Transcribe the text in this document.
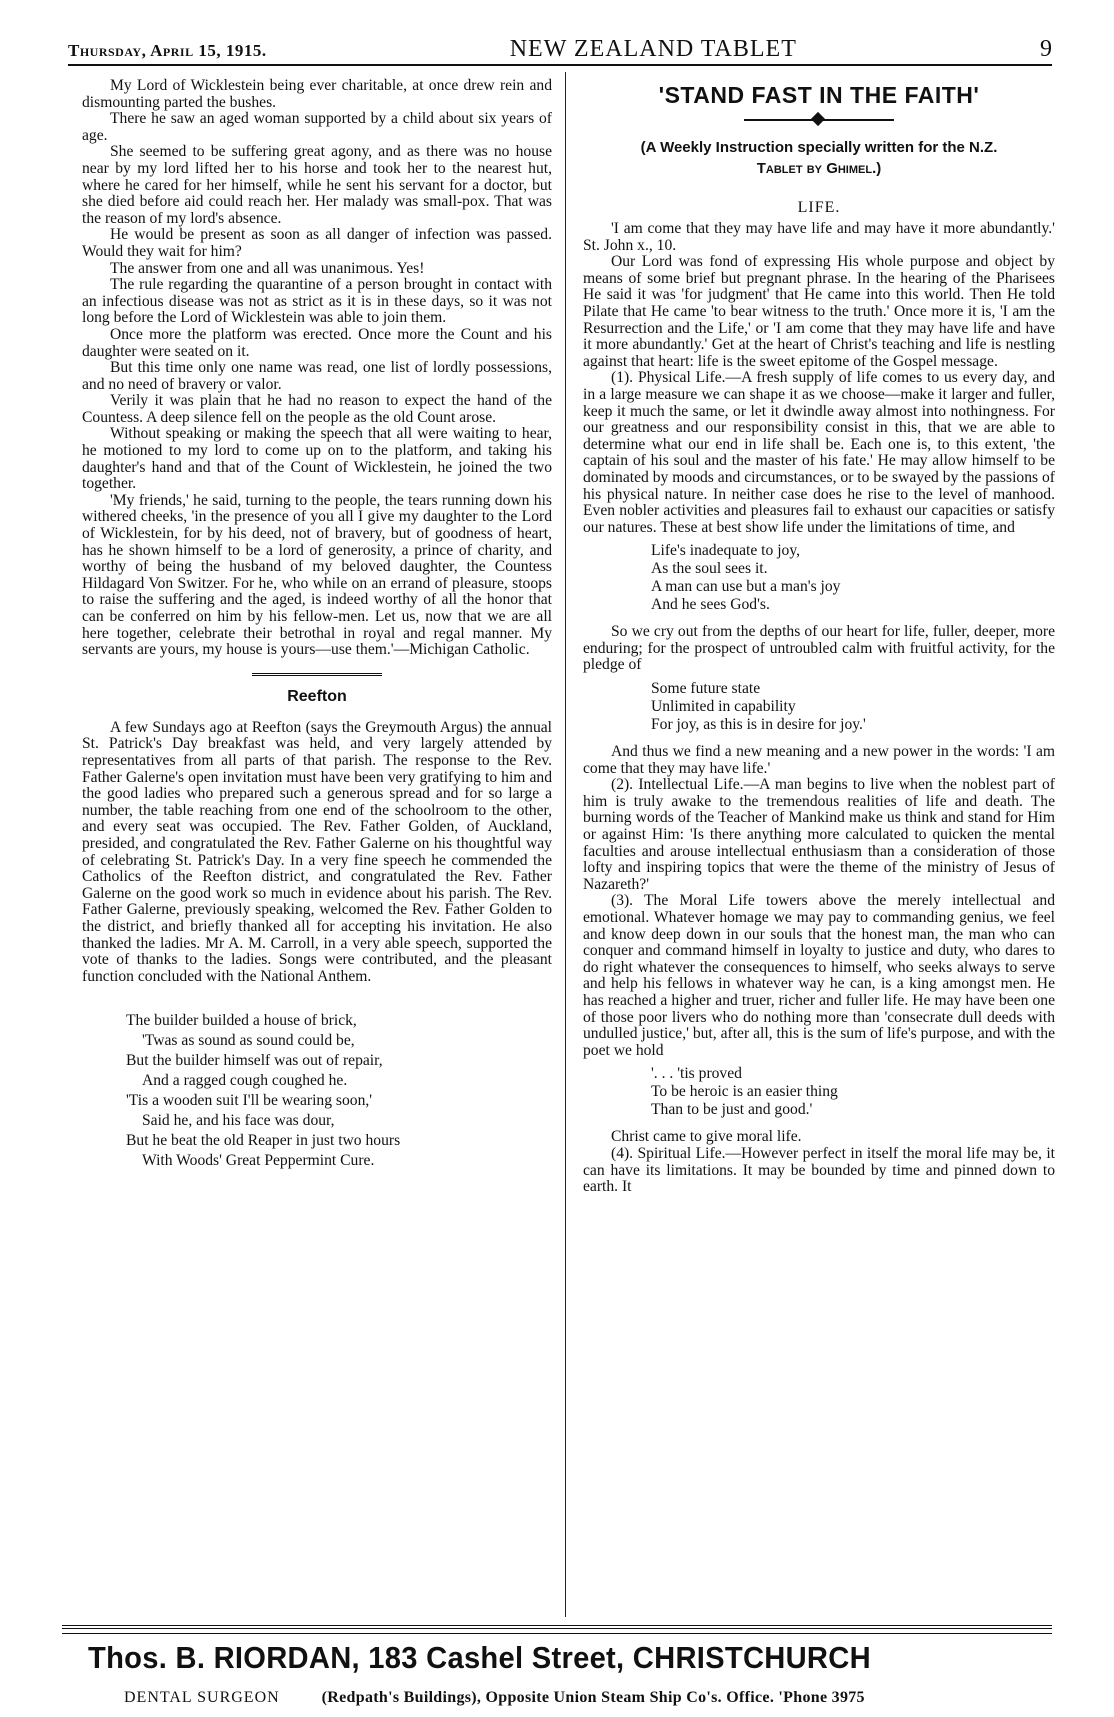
Thursday, April 15, 1915.	NEW ZEALAND TABLET	9

My Lord of Wicklestein being ever charitable, at once drew rein and dismounting parted the bushes.

There he saw an aged woman supported by a child about six years of age.

She seemed to be suffering great agony, and as there was no house near by my lord lifted her to his horse and took her to the nearest hut, where he cared for her himself, while he sent his servant for a doctor, but she died before aid could reach her. Her malady was small-pox. That was the reason of my lord's absence.

He would be present as soon as all danger of infection was passed. Would they wait for him?

The answer from one and all was unanimous. Yes!

The rule regarding the quarantine of a person brought in contact with an infectious disease was not as strict as it is in these days, so it was not long before the Lord of Wicklestein was able to join them.

Once more the platform was erected. Once more the Count and his daughter were seated on it.

But this time only one name was read, one list of lordly possessions, and no need of bravery or valor.

Verily it was plain that he had no reason to expect the hand of the Countess. A deep silence fell on the people as the old Count arose.

Without speaking or making the speech that all were waiting to hear, he motioned to my lord to come up on to the platform, and taking his daughter's hand and that of the Count of Wicklestein, he joined the two together.

'My friends,' he said, turning to the people, the tears running down his withered cheeks, 'in the presence of you all I give my daughter to the Lord of Wicklestein, for by his deed, not of bravery, but of goodness of heart, has he shown himself to be a lord of generosity, a prince of charity, and worthy of being the husband of my beloved daughter, the Countess Hildagard Von Switzer. For he, who while on an errand of pleasure, stoops to raise the suffering and the aged, is indeed worthy of all the honor that can be conferred on him by his fellow-men. Let us, now that we are all here together, celebrate their betrothal in royal and regal manner. My servants are yours, my house is yours—use them.'—Michigan Catholic.

Reefton

A few Sundays ago at Reefton (says the Greymouth Argus) the annual St. Patrick's Day breakfast was held, and very largely attended by representatives from all parts of that parish. The response to the Rev. Father Galerne's open invitation must have been very gratifying to him and the good ladies who prepared such a generous spread and for so large a number, the table reaching from one end of the schoolroom to the other, and every seat was occupied. The Rev. Father Golden, of Auckland, presided, and congratulated the Rev. Father Galerne on his thoughtful way of celebrating St. Patrick's Day. In a very fine speech he commended the Catholics of the Reefton district, and congratulated the Rev. Father Galerne on the good work so much in evidence about his parish. The Rev. Father Galerne, previously speaking, welcomed the Rev. Father Golden to the district, and briefly thanked all for accepting his invitation. He also thanked the ladies. Mr A. M. Carroll, in a very able speech, supported the vote of thanks to the ladies. Songs were contributed, and the pleasant function concluded with the National Anthem.

The builder builded a house of brick,
'Twas as sound as sound could be,
But the builder himself was out of repair,
And a ragged cough coughed he.
'Tis a wooden suit I'll be wearing soon,'
Said he, and his face was dour,
But he beat the old Reaper in just two hours
With Woods' Great Peppermint Cure.
'STAND FAST IN THE FAITH'
(A Weekly Instruction specially written for the N.Z.
Tablet by Ghimel.)
LIFE.

'I am come that they may have life and may have it more abundantly.' St. John x., 10.

Our Lord was fond of expressing His whole purpose and object by means of some brief but pregnant phrase. In the hearing of the Pharisees He said it was 'for judgment' that He came into this world. Then He told Pilate that He came 'to bear witness to the truth.' Once more it is, 'I am the Resurrection and the Life,' or 'I am come that they may have life and have it more abundantly.' Get at the heart of Christ's teaching and life is nestling against that heart: life is the sweet epitome of the Gospel message.

(1). Physical Life.—A fresh supply of life comes to us every day, and in a large measure we can shape it as we choose—make it larger and fuller, keep it much the same, or let it dwindle away almost into nothingness. For our greatness and our responsibility consist in this, that we are able to determine what our end in life shall be. Each one is, to this extent, 'the captain of his soul and the master of his fate.' He may allow himself to be dominated by moods and circumstances, or to be swayed by the passions of his physical nature. In neither case does he rise to the level of manhood. Even nobler activities and pleasures fail to exhaust our capacities or satisfy our natures. These at best show life under the limitations of time, and

Life's inadequate to joy,
As the soul sees it.
A man can use but a man's joy
And he sees God's.

So we cry out from the depths of our heart for life, fuller, deeper, more enduring; for the prospect of untroubled calm with fruitful activity, for the pledge of

Some future state
Unlimited in capability
For joy, as this is in desire for joy.'

And thus we find a new meaning and a new power in the words: 'I am come that they may have life.'

(2). Intellectual Life.—A man begins to live when the noblest part of him is truly awake to the tremendous realities of life and death. The burning words of the Teacher of Mankind make us think and stand for Him or against Him: 'Is there anything more calculated to quicken the mental faculties and arouse intellectual enthusiasm than a consideration of those lofty and inspiring topics that were the theme of the ministry of Jesus of Nazareth?'

(3). The Moral Life towers above the merely intellectual and emotional. Whatever homage we may pay to commanding genius, we feel and know deep down in our souls that the honest man, the man who can conquer and command himself in loyalty to justice and duty, who dares to do right whatever the consequences to himself, who seeks always to serve and help his fellows in whatever way he can, is a king amongst men. He has reached a higher and truer, richer and fuller life. He may have been one of those poor livers who do nothing more than 'consecrate dull deeds with undulled justice,' but, after all, this is the sum of life's purpose, and with the poet we hold

'. . . 'tis proved
To be heroic is an easier thing
Than to be just and good.'

Christ came to give moral life.

(4). Spiritual Life.—However perfect in itself the moral life may be, it can have its limitations. It may be bounded by time and pinned down to earth. It

Thos. B. RIORDAN, 183 Cashel Street, CHRISTCHURCH
DENTAL SURGEON	(Redpath's Buildings), Opposite Union Steam Ship Co's. Office. 'Phone 3975
